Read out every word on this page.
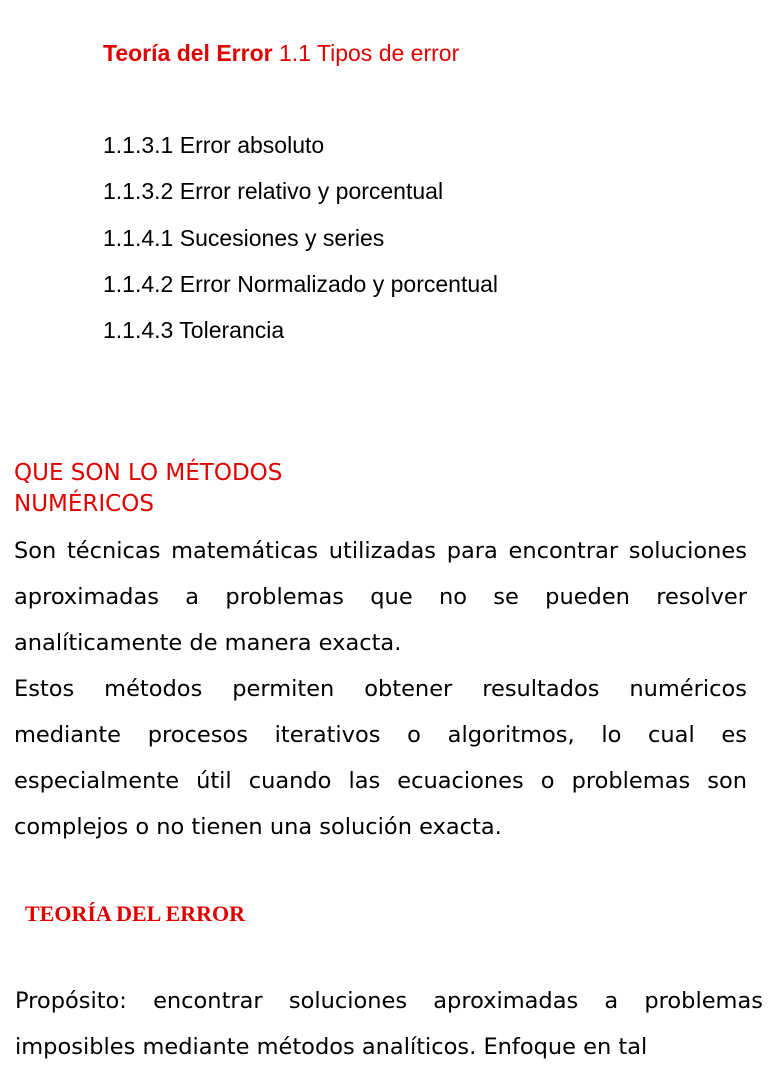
Teoría del Error 1.1 Tipos de error
1.1.3.1 Error absoluto
1.1.3.2 Error relativo y porcentual
1.1.4.1 Sucesiones y series
1.1.4.2 Error Normalizado y porcentual
1.1.4.3 Tolerancia
QUE SON LO MÉTODOS NUMÉRICOS

Son técnicas matemáticas utilizadas para encontrar soluciones aproximadas a problemas que no se pueden resolver analíticamente de manera exacta.

Estos métodos permiten obtener resultados numéricos mediante procesos iterativos o algoritmos, lo cual es especialmente útil cuando las ecuaciones o problemas son complejos o no tienen una solución exacta.

TEORÍA DEL ERROR

Propósito: encontrar soluciones aproximadas a problemas imposibles mediante métodos analíticos. Enfoque en tal
